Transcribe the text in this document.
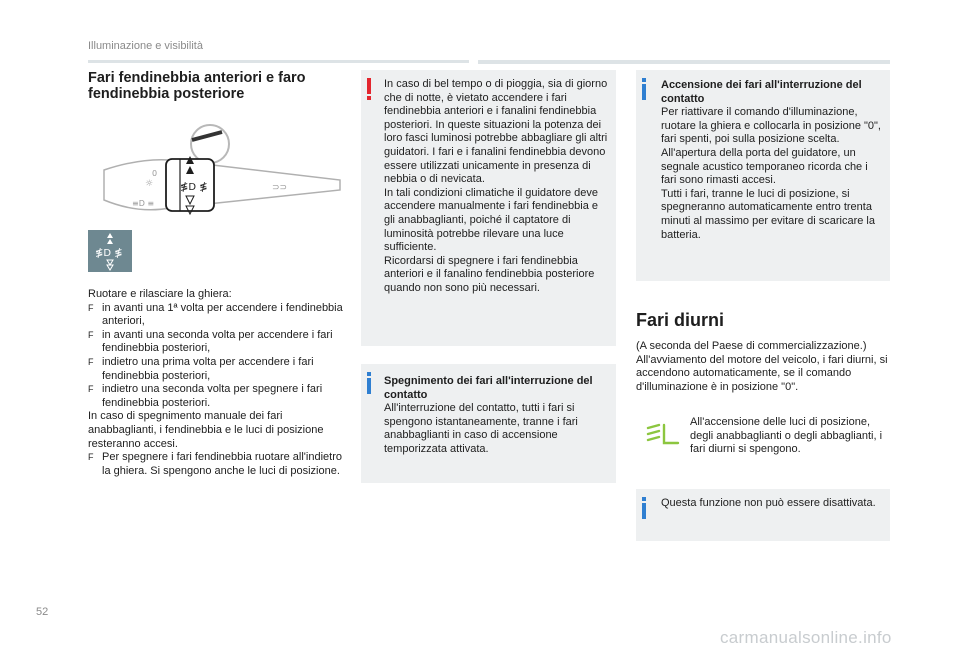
Illuminazione e visibilità
Fari fendinebbia anteriori e faro fendinebbia posteriore
≸D ≸
☼
0
≡D ≡
⊃⊃
≸D ≸
Ruotare e rilasciare la ghiera:
F in avanti una 1ª volta per accendere i fendinebbia anteriori,
F in avanti una seconda volta per accendere i fari fendinebbia posteriori,
F indietro una prima volta per accendere i fari fendinebbia posteriori,
F indietro una seconda volta per spegnere i fari fendinebbia posteriori.
In caso di spegnimento manuale dei fari anabbaglianti, i fendinebbia e le luci di posizione resteranno accesi.
F Per spegnere i fari fendinebbia ruotare all'indietro la ghiera. Si spengono anche le luci di posizione.
In caso di bel tempo o di pioggia, sia di giorno che di notte, è vietato accendere i fari fendinebbia anteriori e i fanalini fendinebbia posteriori. In queste situazioni la potenza dei loro fasci luminosi potrebbe abbagliare gli altri guidatori. I fari e i fanalini fendinebbia devono essere utilizzati unicamente in presenza di nebbia o di nevicata.
In tali condizioni climatiche il guidatore deve accendere manualmente i fari fendinebbia e gli anabbaglianti, poiché il captatore di luminosità potrebbe rilevare una luce sufficiente.
Ricordarsi di spegnere i fari fendinebbia anteriori e il fanalino fendinebbia posteriore quando non sono più necessari.
Spegnimento dei fari all'interruzione del contatto
All'interruzione del contatto, tutti i fari si spengono istantaneamente, tranne i fari anabbaglianti in caso di accensione temporizzata attivata.
Accensione dei fari all'interruzione del contatto
Per riattivare il comando d'illuminazione, ruotare la ghiera e collocarla in posizione "0", fari spenti, poi sulla posizione scelta.
All'apertura della porta del guidatore, un segnale acustico temporaneo ricorda che i fari sono rimasti accesi.
Tutti i fari, tranne le luci di posizione, si spegneranno automaticamente entro trenta minuti al massimo per evitare di scaricare la batteria.
Fari diurni
(A seconda del Paese di commercializzazione.) All'avviamento del motore del veicolo, i fari diurni, si accendono automaticamente, se il comando d'illuminazione è in posizione "0".
All'accensione delle luci di posizione, degli anabbaglianti o degli abbaglianti, i fari diurni si spengono.
Questa funzione non può essere disattivata.
52
carmanualsonline.info
